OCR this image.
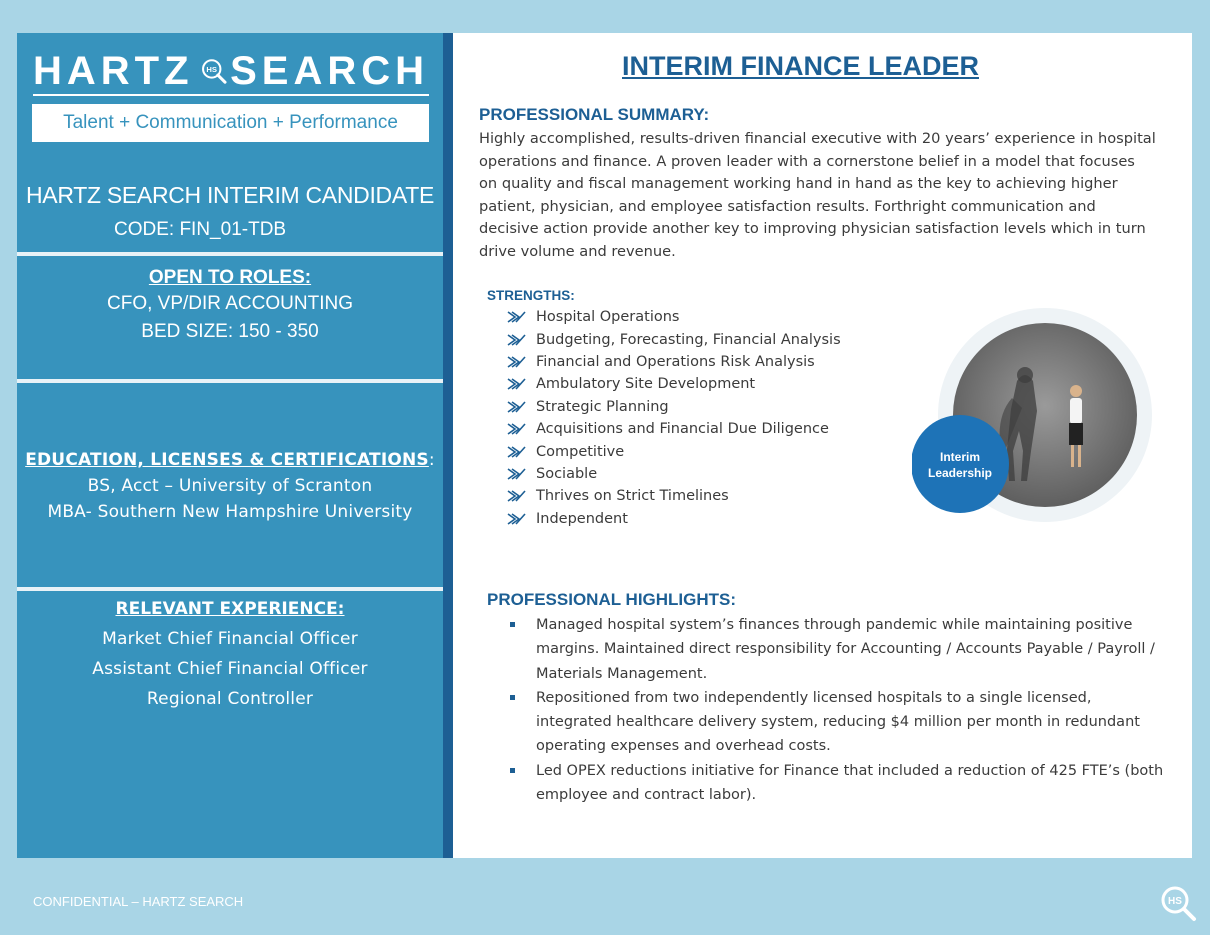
HARTZ HS SEARCH
Talent + Communication + Performance
HARTZ SEARCH INTERIM CANDIDATE
CODE: FIN_01-TDB
OPEN TO ROLES:
CFO, VP/DIR ACCOUNTING
BED SIZE: 150 - 350
EDUCATION, LICENSES & CERTIFICATIONS:
BS, Acct – University of Scranton
MBA- Southern New Hampshire University
RELEVANT EXPERIENCE:
Market Chief Financial Officer
Assistant Chief Financial Officer
Regional Controller
INTERIM FINANCE LEADER
PROFESSIONAL SUMMARY:
Highly accomplished, results-driven financial executive with 20 years’ experience in hospital
operations and finance. A proven leader with a cornerstone belief in a model that focuses
on quality and fiscal management working hand in hand as the key to achieving higher
patient, physician, and employee satisfaction results. Forthright communication and
decisive action provide another key to improving physician satisfaction levels which in turn
drive volume and revenue.
STRENGTHS:
Hospital Operations
Budgeting, Forecasting, Financial Analysis
Financial and Operations Risk Analysis
Ambulatory Site Development
Strategic Planning
Acquisitions and Financial Due Diligence
Competitive
Sociable
Thrives on Strict Timelines
Independent
Interim
Leadership
PROFESSIONAL HIGHLIGHTS:
Managed hospital system’s finances through pandemic while maintaining positive
margins. Maintained direct responsibility for Accounting / Accounts Payable / Payroll /
Materials Management.
Repositioned from two independently licensed hospitals to a single licensed,
integrated healthcare delivery system, reducing $4 million per month in redundant
operating expenses and overhead costs.
Led OPEX reductions initiative for Finance that included a reduction of 425 FTE’s (both
employee and contract labor).
CONFIDENTIAL – HARTZ SEARCH	HS
